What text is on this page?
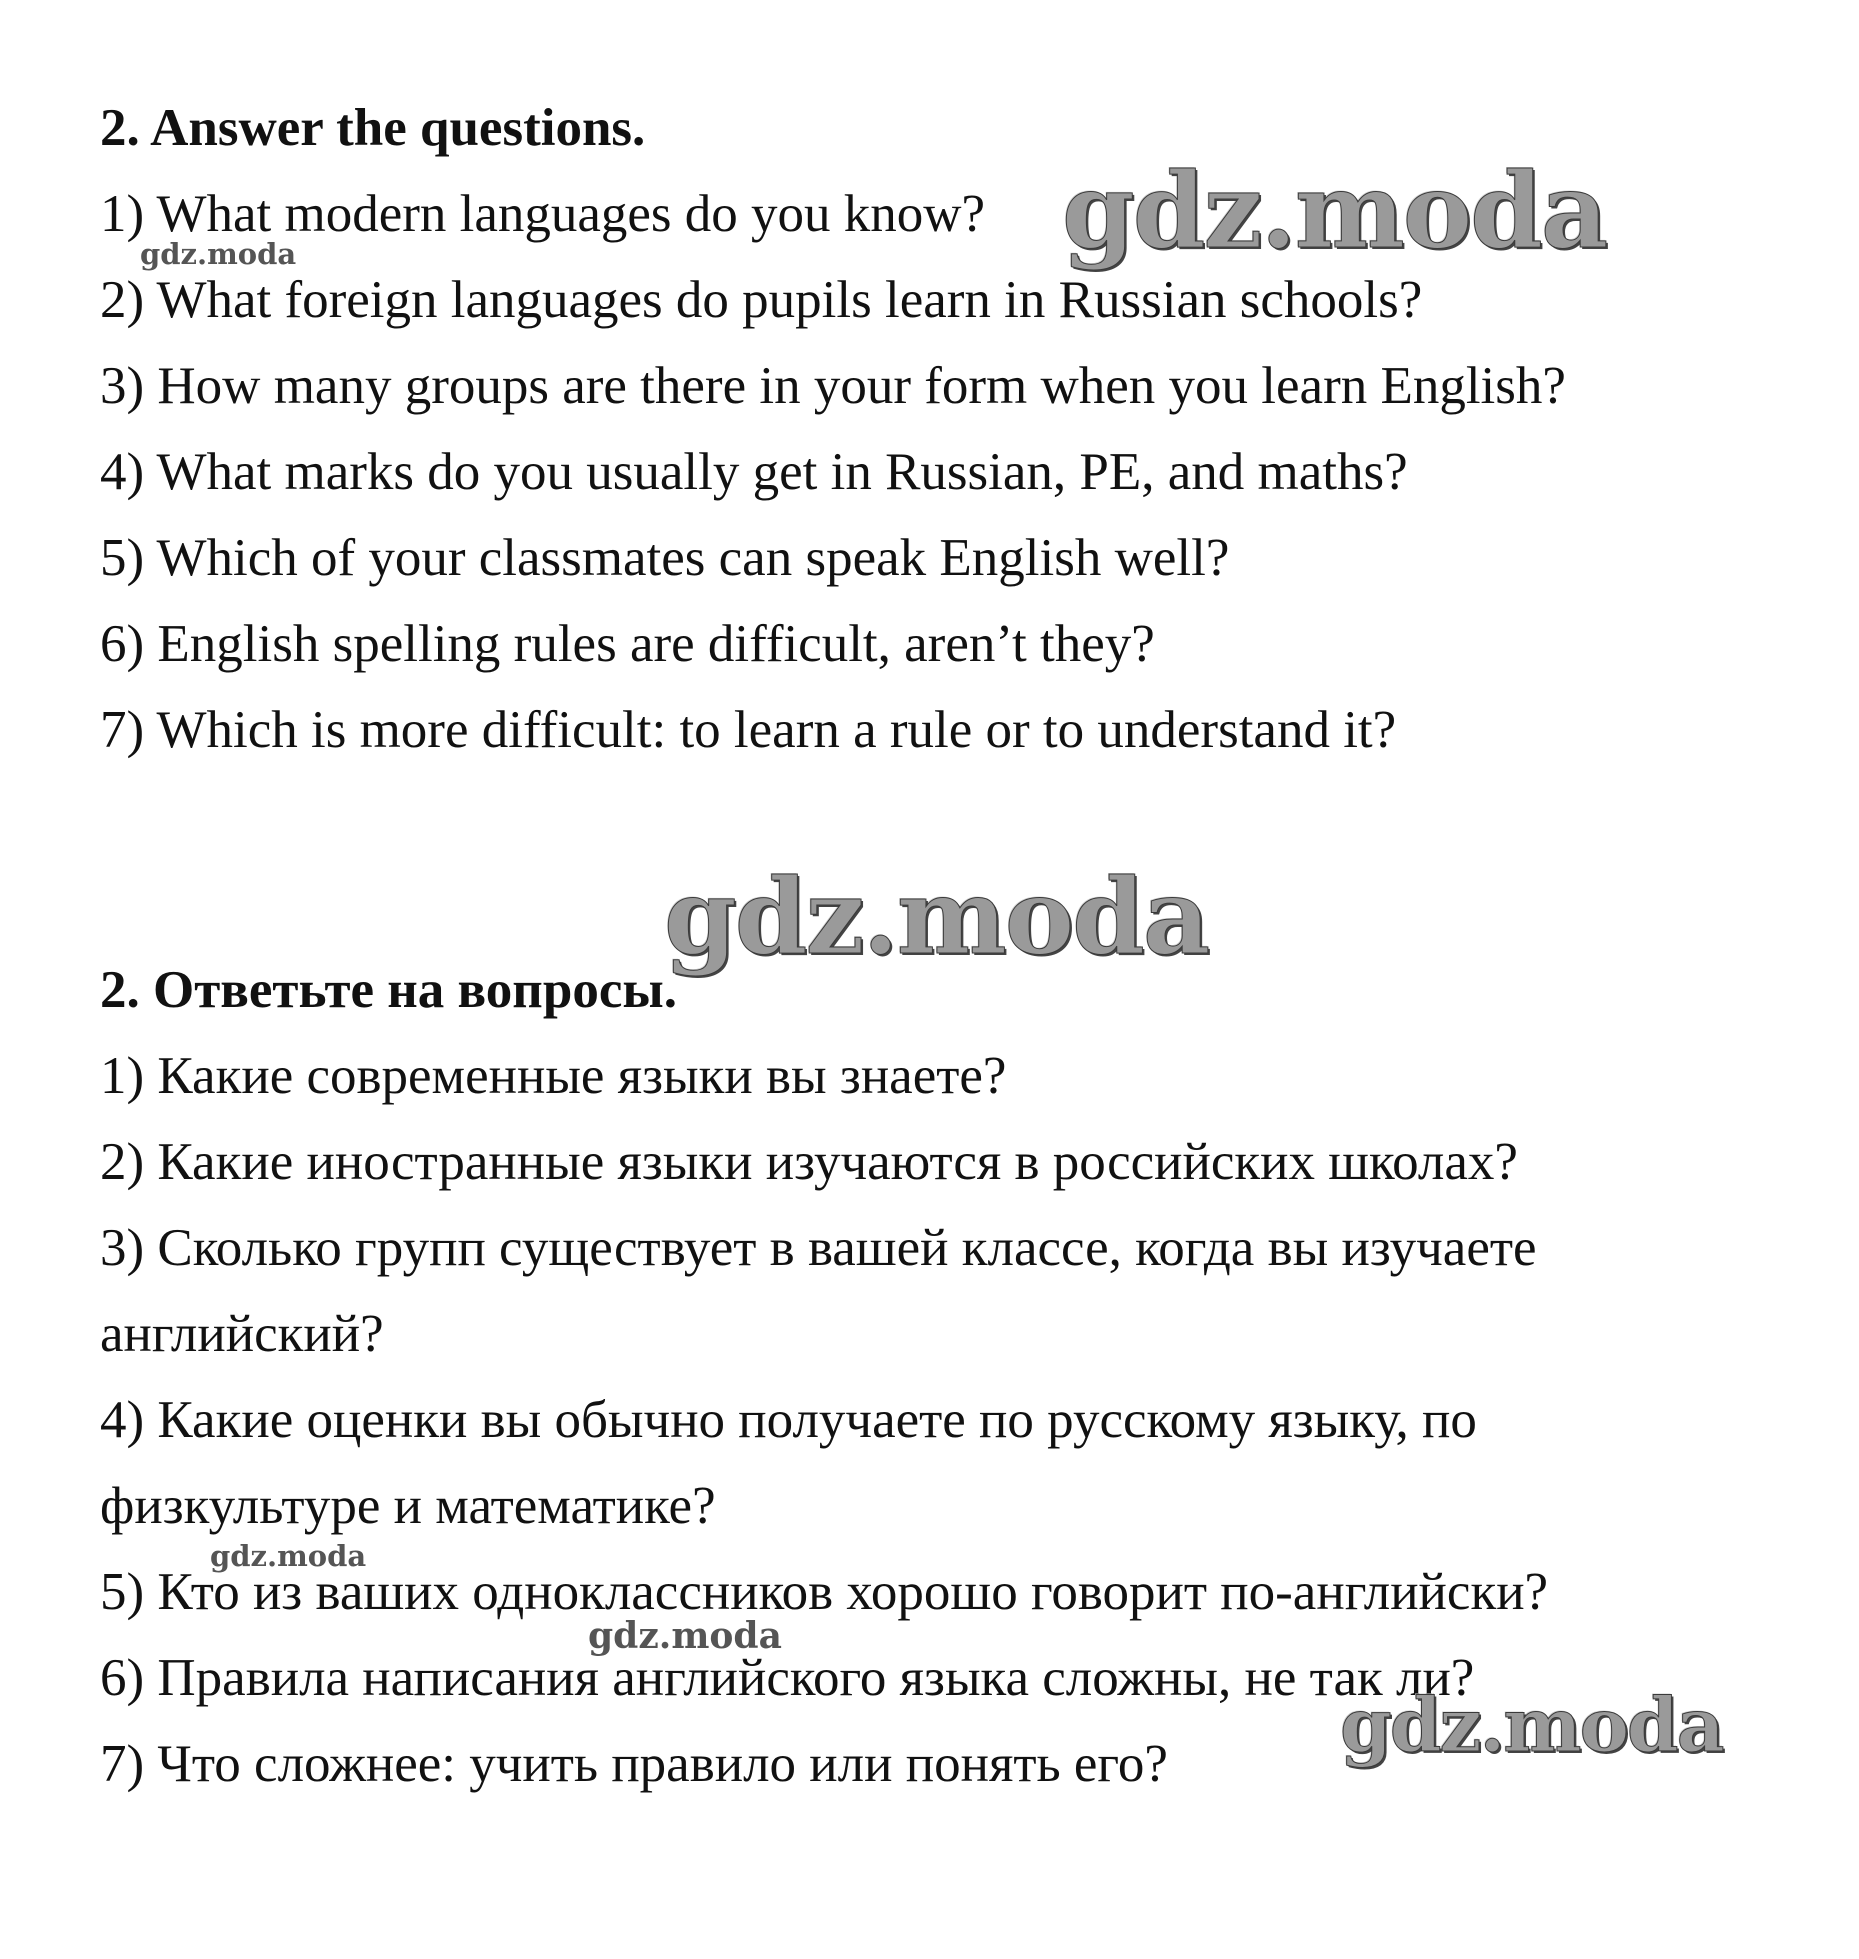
2. Answer the questions.

1) What modern languages do you know?

2) What foreign languages do pupils learn in Russian schools?

3) How many groups are there in your form when you learn English?

4) What marks do you usually get in Russian, PE, and maths?

5) Which of your classmates can speak English well?

6) English spelling rules are difficult, aren’t they?

7) Which is more difficult: to learn a rule or to understand it?

2. Ответьте на вопросы.

1) Какие современные языки вы знаете?

2) Какие иностранные языки изучаются в российских школах?

3) Сколько групп существует в вашей классе, когда вы изучаете

английский?

4) Какие оценки вы обычно получаете по русскому языку, по

физкультуре и математике?

5) Кто из ваших одноклассников хорошо говорит по-английски?

6) Правила написания английского языка сложны, не так ли?

7) Что сложнее: учить правило или понять его?

gdz.moda
gdz.moda
gdz.moda
gdz.moda
gdz.moda
gdz.moda
